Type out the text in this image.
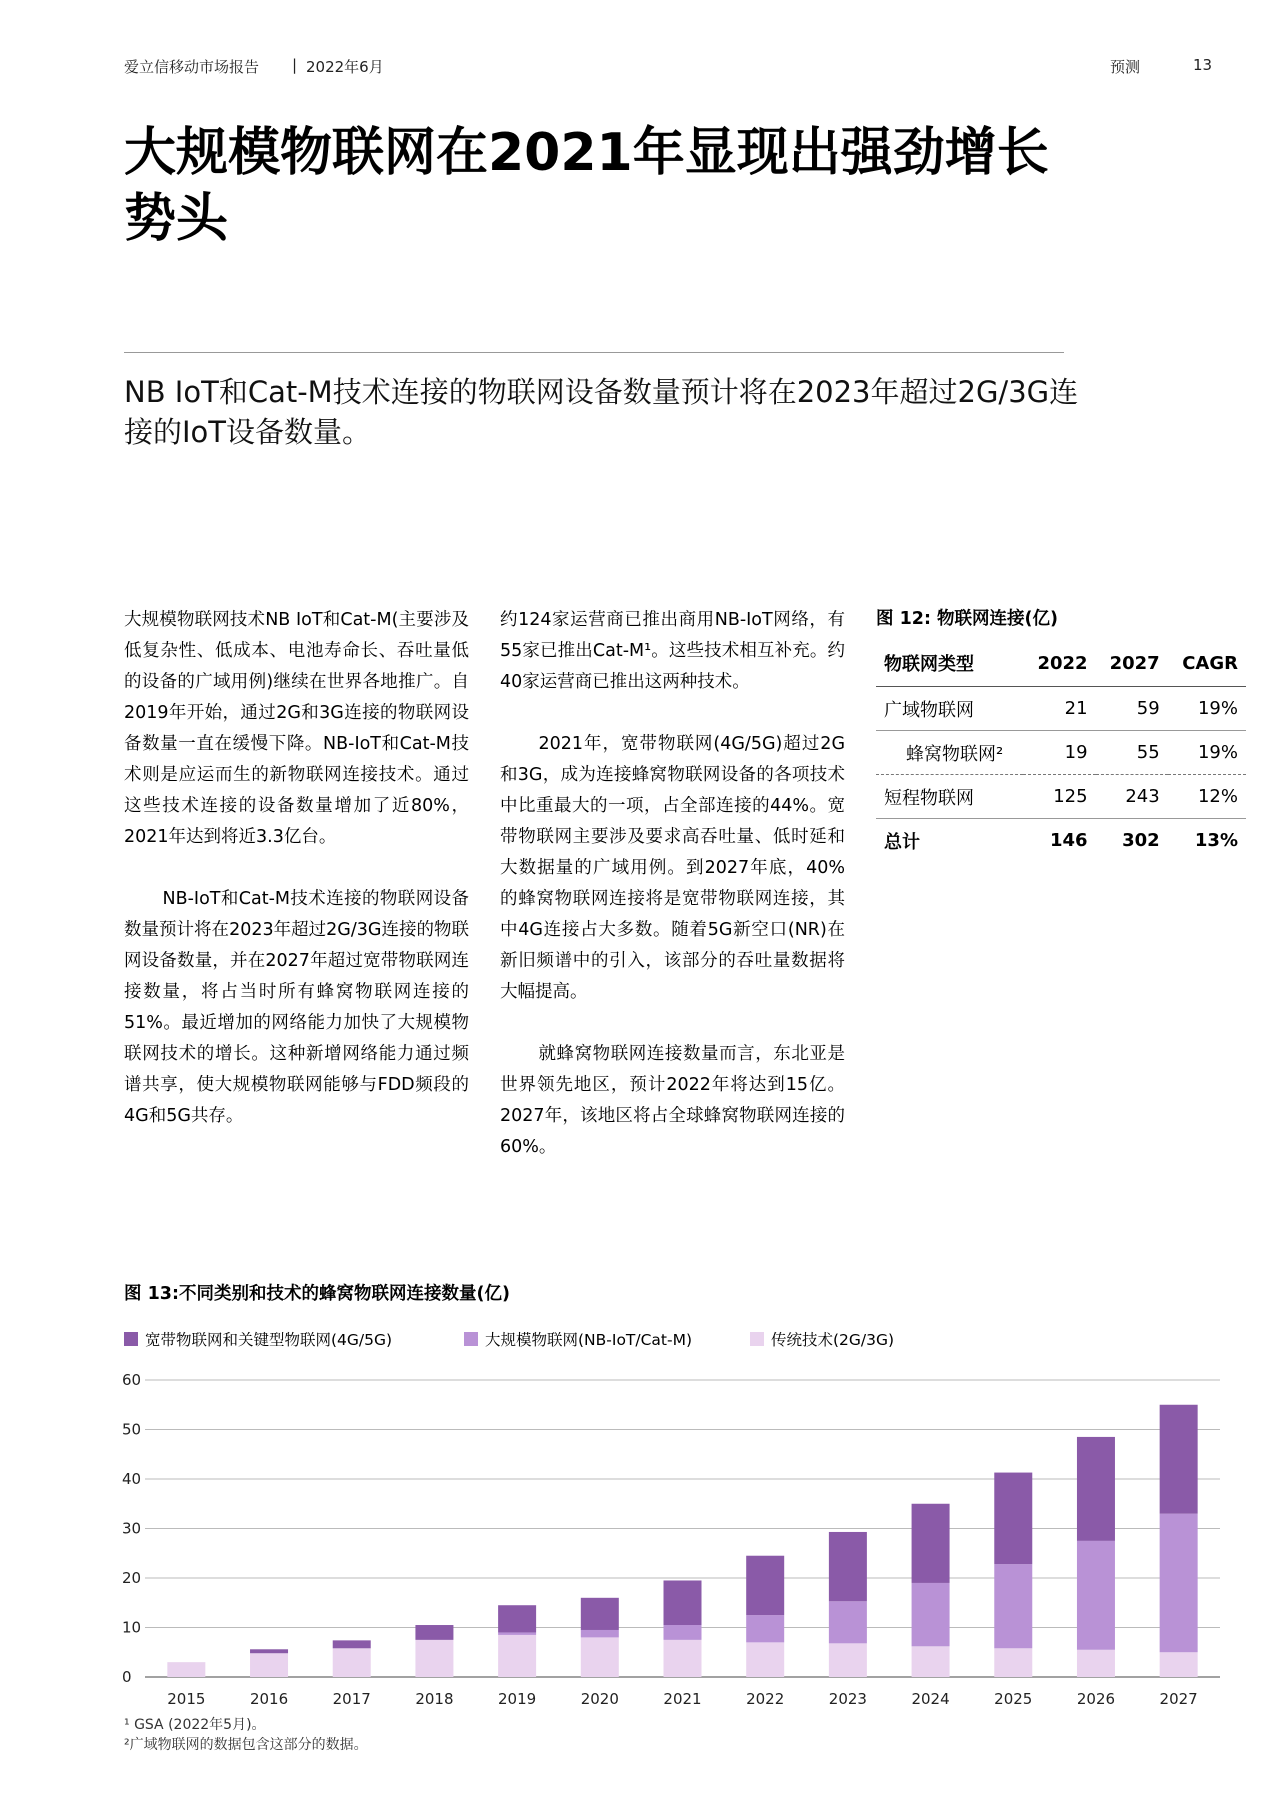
爱立信移动市场报告 | 2022年6月	预测	13
大规模物联网在2021年显现出强劲增长势头
NB IoT和Cat-M技术连接的物联网设备数量预计将在2023年超过2G/3G连接的IoT设备数量。

大规模物联网技术NB IoT和Cat-M(主要涉及低复杂性、低成本、电池寿命长、吞吐量低的设备的广域用例)继续在世界各地推广。自2019年开始，通过2G和3G连接的物联网设备数量一直在缓慢下降。NB-IoT和Cat-M技术则是应运而生的新物联网连接技术。通过这些技术连接的设备数量增加了近80%，2021年达到将近3.3亿台。

NB-IoT和Cat-M技术连接的物联网设备数量预计将在2023年超过2G/3G连接的物联网设备数量，并在2027年超过宽带物联网连接数量，将占当时所有蜂窝物联网连接的51%。最近增加的网络能力加快了大规模物联网技术的增长。这种新增网络能力通过频谱共享，使大规模物联网能够与FDD频段的4G和5G共存。

约124家运营商已推出商用NB-IoT网络，有55家已推出Cat-M¹。这些技术相互补充。约40家运营商已推出这两种技术。

2021年，宽带物联网(4G/5G)超过2G和3G，成为连接蜂窝物联网设备的各项技术中比重最大的一项，占全部连接的44%。宽带物联网主要涉及要求高吞吐量、低时延和大数据量的广域用例。到2027年底，40%的蜂窝物联网连接将是宽带物联网连接，其中4G连接占大多数。随着5G新空口(NR)在新旧频谱中的引入，该部分的吞吐量数据将大幅提高。

就蜂窝物联网连接数量而言，东北亚是世界领先地区，预计2022年将达到15亿。2027年，该地区将占全球蜂窝物联网连接的60%。

图 12: 物联网连接(亿)
物联网类型	2022	2027	CAGR
广域物联网	21	59	19%
蜂窝物联网²	19	55	19%
短程物联网	125	243	12%
总计	146	302	13%
图 13:不同类别和技术的蜂窝物联网连接数量(亿)
宽带物联网和关键型物联网(4G/5G)	大规模物联网(NB-IoT/Cat-M)	传统技术(2G/3G)
0
10
20
30
40
50
60
2015	2016	2017	2018	2019	2020	2021	2022	2023	2024	2025	2026	2027
¹ GSA (2022年5月)。
²广域物联网的数据包含这部分的数据。
